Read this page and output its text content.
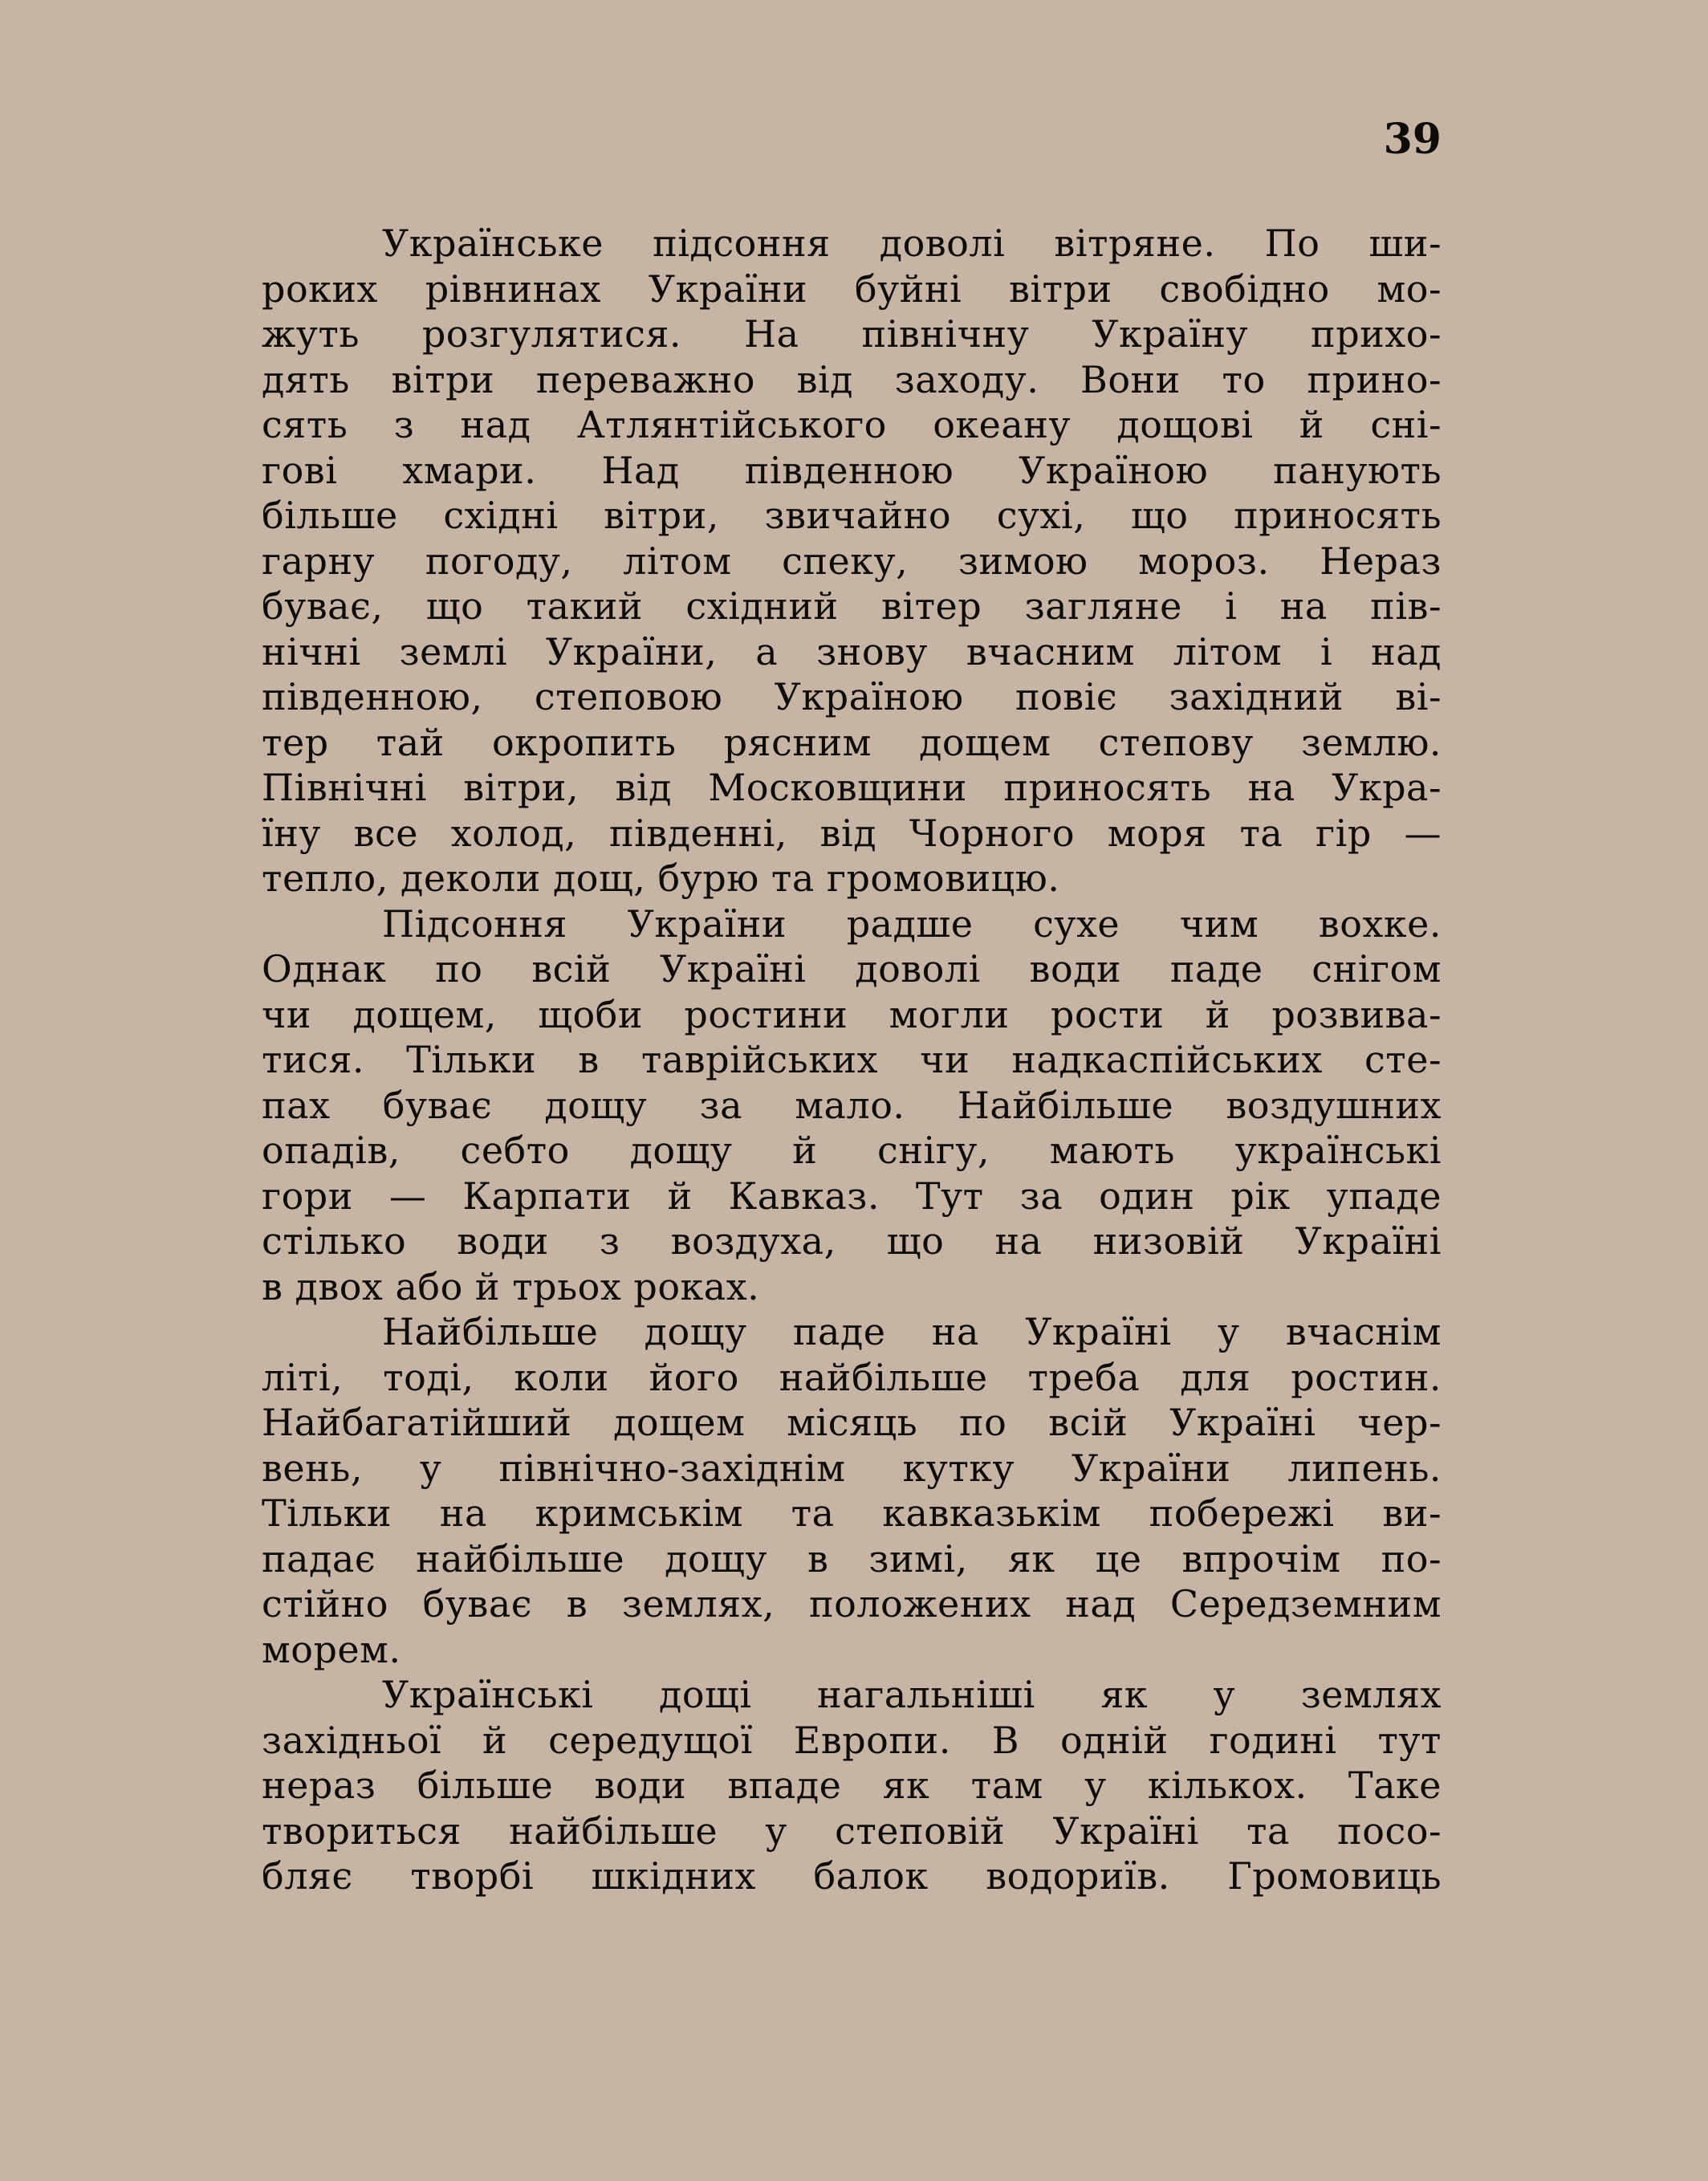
39
Українське підсоння доволі вітряне. По ши-
роких рівнинах України буйні вітри свобідно мо-
жуть розгулятися. На північну Україну прихо-
дять вітри переважно від заходу. Вони то прино-
сять з над Атлянтійського океану дощові й сні-
гові хмари. Над південною Україною панують
більше східні вітри, звичайно сухі, що приносять
гарну погоду, літом спеку, зимою мороз. Нераз
буває, що такий східний вітер загляне і на пів-
нічні землі України, а знову вчасним літом і над
південною, степовою Україною повіє західний ві-
тер тай окропить рясним дощем степову землю.
Північні вітри, від Московщини приносять на Укра-
їну все холод, південні, від Чорного моря та гір —
тепло, деколи дощ, бурю та громовицю.
Підсоння України радше сухе чим вохке.
Однак по всій Україні доволі води паде снігом
чи дощем, щоби ростини могли рости й розвива-
тися. Тільки в таврійських чи надкаспійських сте-
пах буває дощу за мало. Найбільше воздушних
опадів, себто дощу й снігу, мають українські
гори — Карпати й Кавказ. Тут за один рік упаде
стілько води з воздуха, що на низовій Україні
в двох або й трьох роках.
Найбільше дощу паде на Україні у вчаснім
літі, тоді, коли його найбільше треба для ростин.
Найбагатійший дощем місяць по всій Україні чер-
вень, у північно-західнім кутку України липень.
Тільки на кримськім та кавказькім побережі ви-
падає найбільше дощу в зимі, як це впрочім по-
стійно буває в землях, положених над Середземним
морем.
Українські дощі нагальніші як у землях
західньої й середущої Европи. В одній годині тут
нераз більше води впаде як там у кількох. Таке
твориться найбільше у степовій Україні та посо-
бляє творбі шкідних балок водориїв. Громовиць
